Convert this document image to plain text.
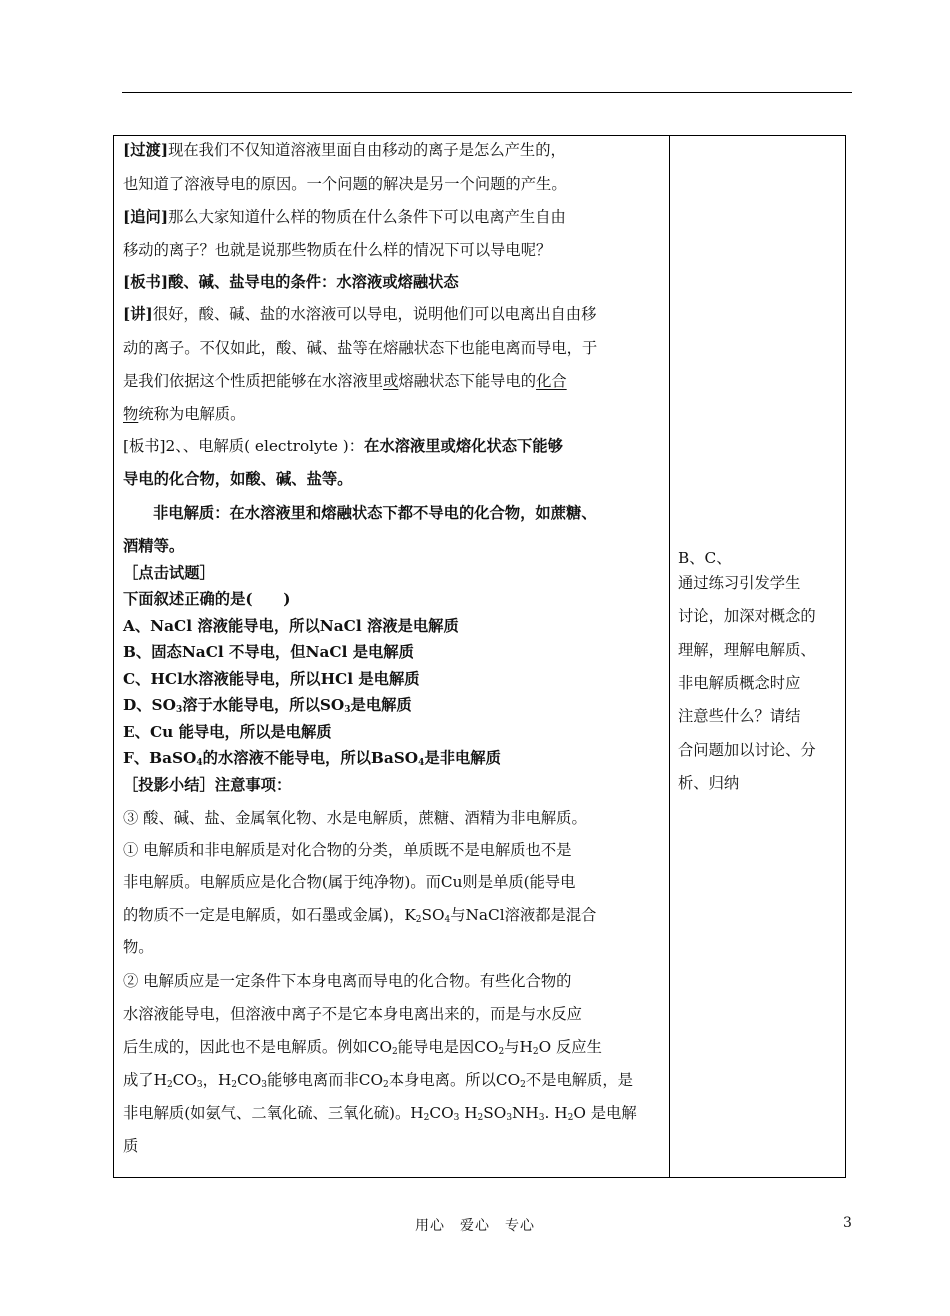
[过渡]现在我们不仅知道溶液里面自由移动的离子是怎么产生的，
也知道了溶液导电的原因。一个问题的解决是另一个问题的产生。
[追问]那么大家知道什么样的物质在什么条件下可以电离产生自由
移动的离子？也就是说那些物质在什么样的情况下可以导电呢？
[板书]酸、碱、盐导电的条件：水溶液或熔融状态
[讲]很好，酸、碱、盐的水溶液可以导电，说明他们可以电离出自由移
动的离子。不仅如此，酸、碱、盐等在熔融状态下也能电离而导电，于
是我们依据这个性质把能够在水溶液里或熔融状态下能导电的化合
物统称为电解质。
[板书]2、、电解质( electrolyte )：在水溶液里或熔化状态下能够
导电的化合物，如酸、碱、盐等。
非电解质：在水溶液里和熔融状态下都不导电的化合物，如蔗糖、
酒精等。
［点击试题］
下面叙述正确的是(　　)
A、NaCl 溶液能导电，所以NaCl 溶液是电解质
B、固态NaCl 不导电，但NaCl 是电解质
C、HCl水溶液能导电，所以HCl 是电解质
D、$SO_3$溶于水能导电，所以$SO_3$是电解质
E、Cu 能导电，所以是电解质
F、BaSO$_4$的水溶液不能导电，所以BaSO$_4$是非电解质
［投影小结］注意事项：
③ 酸、碱、盐、金属氧化物、水是电解质，蔗糖、酒精为非电解质。
① 电解质和非电解质是对化合物的分类，单质既不是电解质也不是
非电解质。电解质应是化合物(属于纯净物)。而Cu则是单质(能导电
的物质不一定是电解质，如石墨或金属)，$K_2SO_4$与NaCl溶液都是混合
物。
② 电解质应是一定条件下本身电离而导电的化合物。有些化合物的
水溶液能导电，但溶液中离子不是它本身电离出来的，而是与水反应
后生成的，因此也不是电解质。例如$CO_2$能导电是因$CO_2$与$H_2O$ 反应生
成了$H_2CO_3$，$H_2CO_3$能够电离而非$CO_2$本身电离。所以$CO_2$不是电解质，是
非电解质(如氨气、二氧化硫、三氧化硫)。$H_2CO_3$ $H_2SO_3NH_3$. $H_2O$ 是电解
质
B、C、
通过练习引发学生
讨论，加深对概念的
理解，理解电解质、
非电解质概念时应
注意些什么？请结
合问题加以讨论、分
析、归纳
用心　爱心　专心	3
